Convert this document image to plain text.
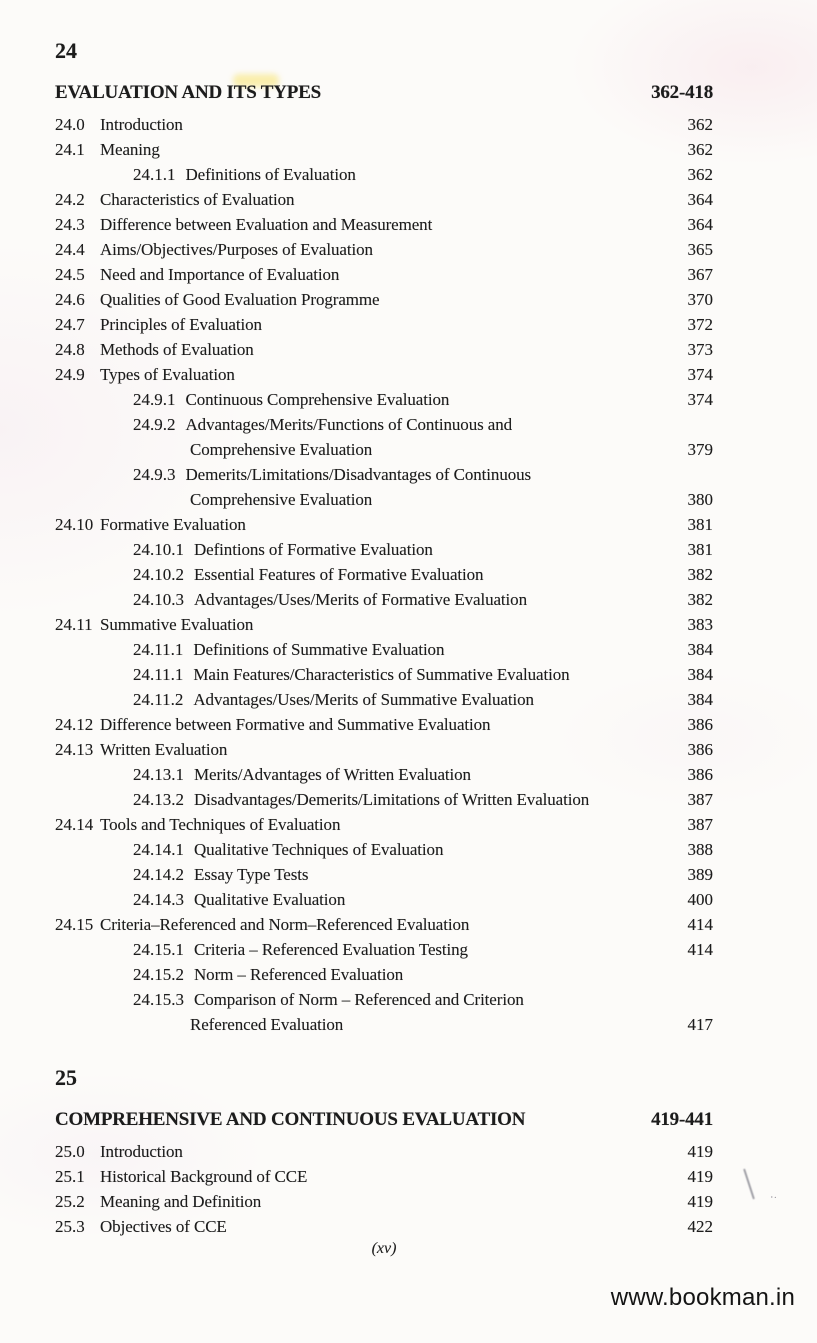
24
EVALUATION AND ITS TYPES	362-418
24.0 Introduction	362
24.1 Meaning	362
24.1.1 Definitions of Evaluation	362
24.2 Characteristics of Evaluation	364
24.3 Difference between Evaluation and Measurement	364
24.4 Aims/Objectives/Purposes of Evaluation	365
24.5 Need and Importance of Evaluation	367
24.6 Qualities of Good Evaluation Programme	370
24.7 Principles of Evaluation	372
24.8 Methods of Evaluation	373
24.9 Types of Evaluation	374
24.9.1 Continuous Comprehensive Evaluation	374
24.9.2 Advantages/Merits/Functions of Continuous and
Comprehensive Evaluation	379
24.9.3 Demerits/Limitations/Disadvantages of Continuous
Comprehensive Evaluation	380
24.10 Formative Evaluation	381
24.10.1 Defintions of Formative Evaluation	381
24.10.2 Essential Features of Formative Evaluation	382
24.10.3 Advantages/Uses/Merits of Formative Evaluation	382
24.11 Summative Evaluation	383
24.11.1 Definitions of Summative Evaluation	384
24.11.1 Main Features/Characteristics of Summative Evaluation	384
24.11.2 Advantages/Uses/Merits of Summative Evaluation	384
24.12 Difference between Formative and Summative Evaluation	386
24.13 Written Evaluation	386
24.13.1 Merits/Advantages of Written Evaluation	386
24.13.2 Disadvantages/Demerits/Limitations of Written Evaluation	387
24.14 Tools and Techniques of Evaluation	387
24.14.1 Qualitative Techniques of Evaluation	388
24.14.2 Essay Type Tests	389
24.14.3 Qualitative Evaluation	400
24.15 Criteria–Referenced and Norm–Referenced Evaluation	414
24.15.1 Criteria – Referenced Evaluation Testing	414
24.15.2 Norm – Referenced Evaluation
24.15.3 Comparison of Norm – Referenced and Criterion
Referenced Evaluation	417
25
COMPREHENSIVE AND CONTINUOUS EVALUATION	419-441
25.0 Introduction	419
25.1 Historical Background of CCE	419
25.2 Meaning and Definition	419
25.3 Objectives of CCE	422
(xv)
www.bookman.in
‧·
